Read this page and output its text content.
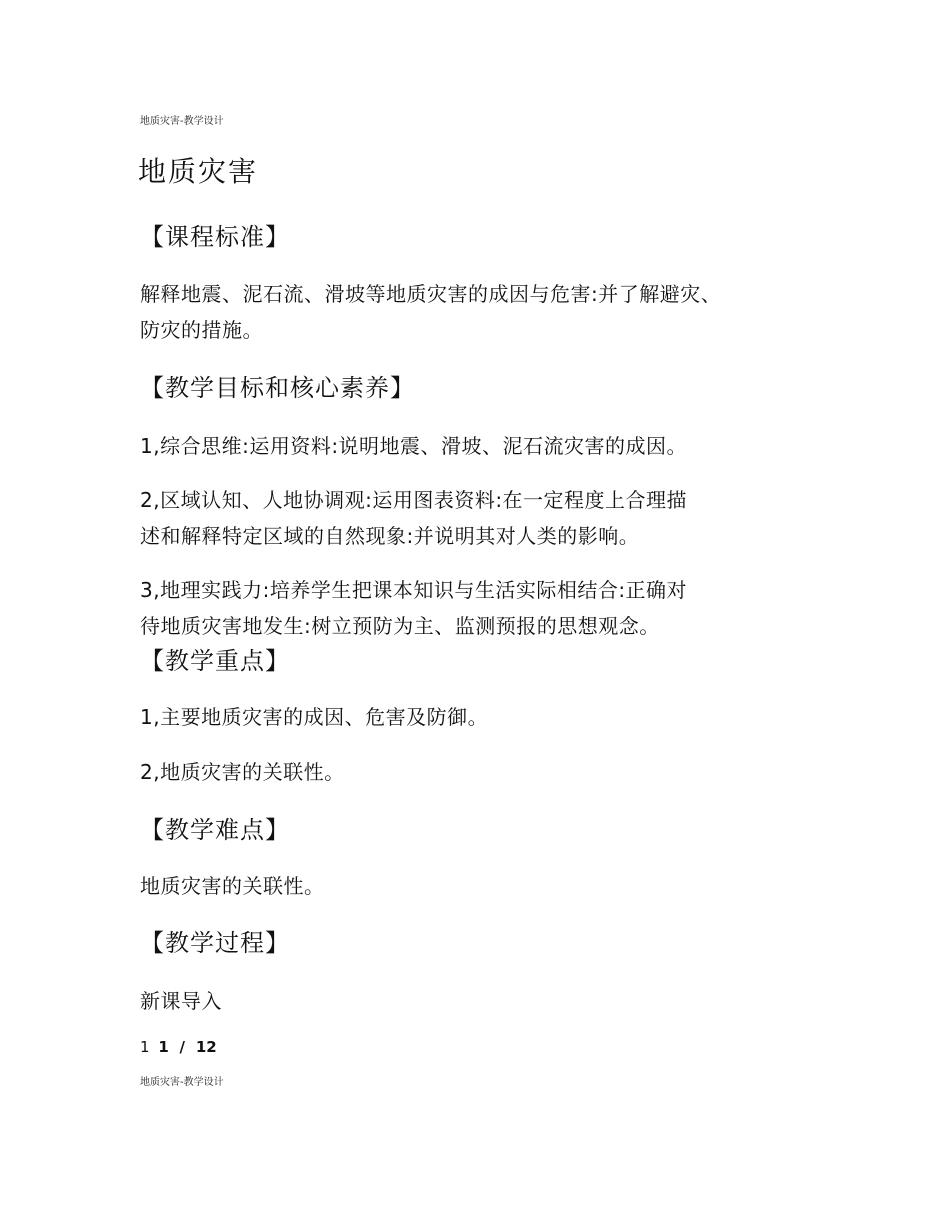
地质灾害-教学设计
地质灾害
【课程标准】
解释地震、泥石流、滑坡等地质灾害的成因与危害:并了解避灾、
防灾的措施。
【教学目标和核心素养】
1,综合思维:运用资料:说明地震、滑坡、泥石流灾害的成因。
2,区域认知、人地协调观:运用图表资料:在一定程度上合理描
述和解释特定区域的自然现象:并说明其对人类的影响。
3,地理实践力:培养学生把课本知识与生活实际相结合:正确对
待地质灾害地发生:树立预防为主、监测预报的思想观念。
【教学重点】
1,主要地质灾害的成因、危害及防御。
2,地质灾害的关联性。
【教学难点】
地质灾害的关联性。
【教学过程】
新课导入
1 1 / 12
地质灾害-教学设计
